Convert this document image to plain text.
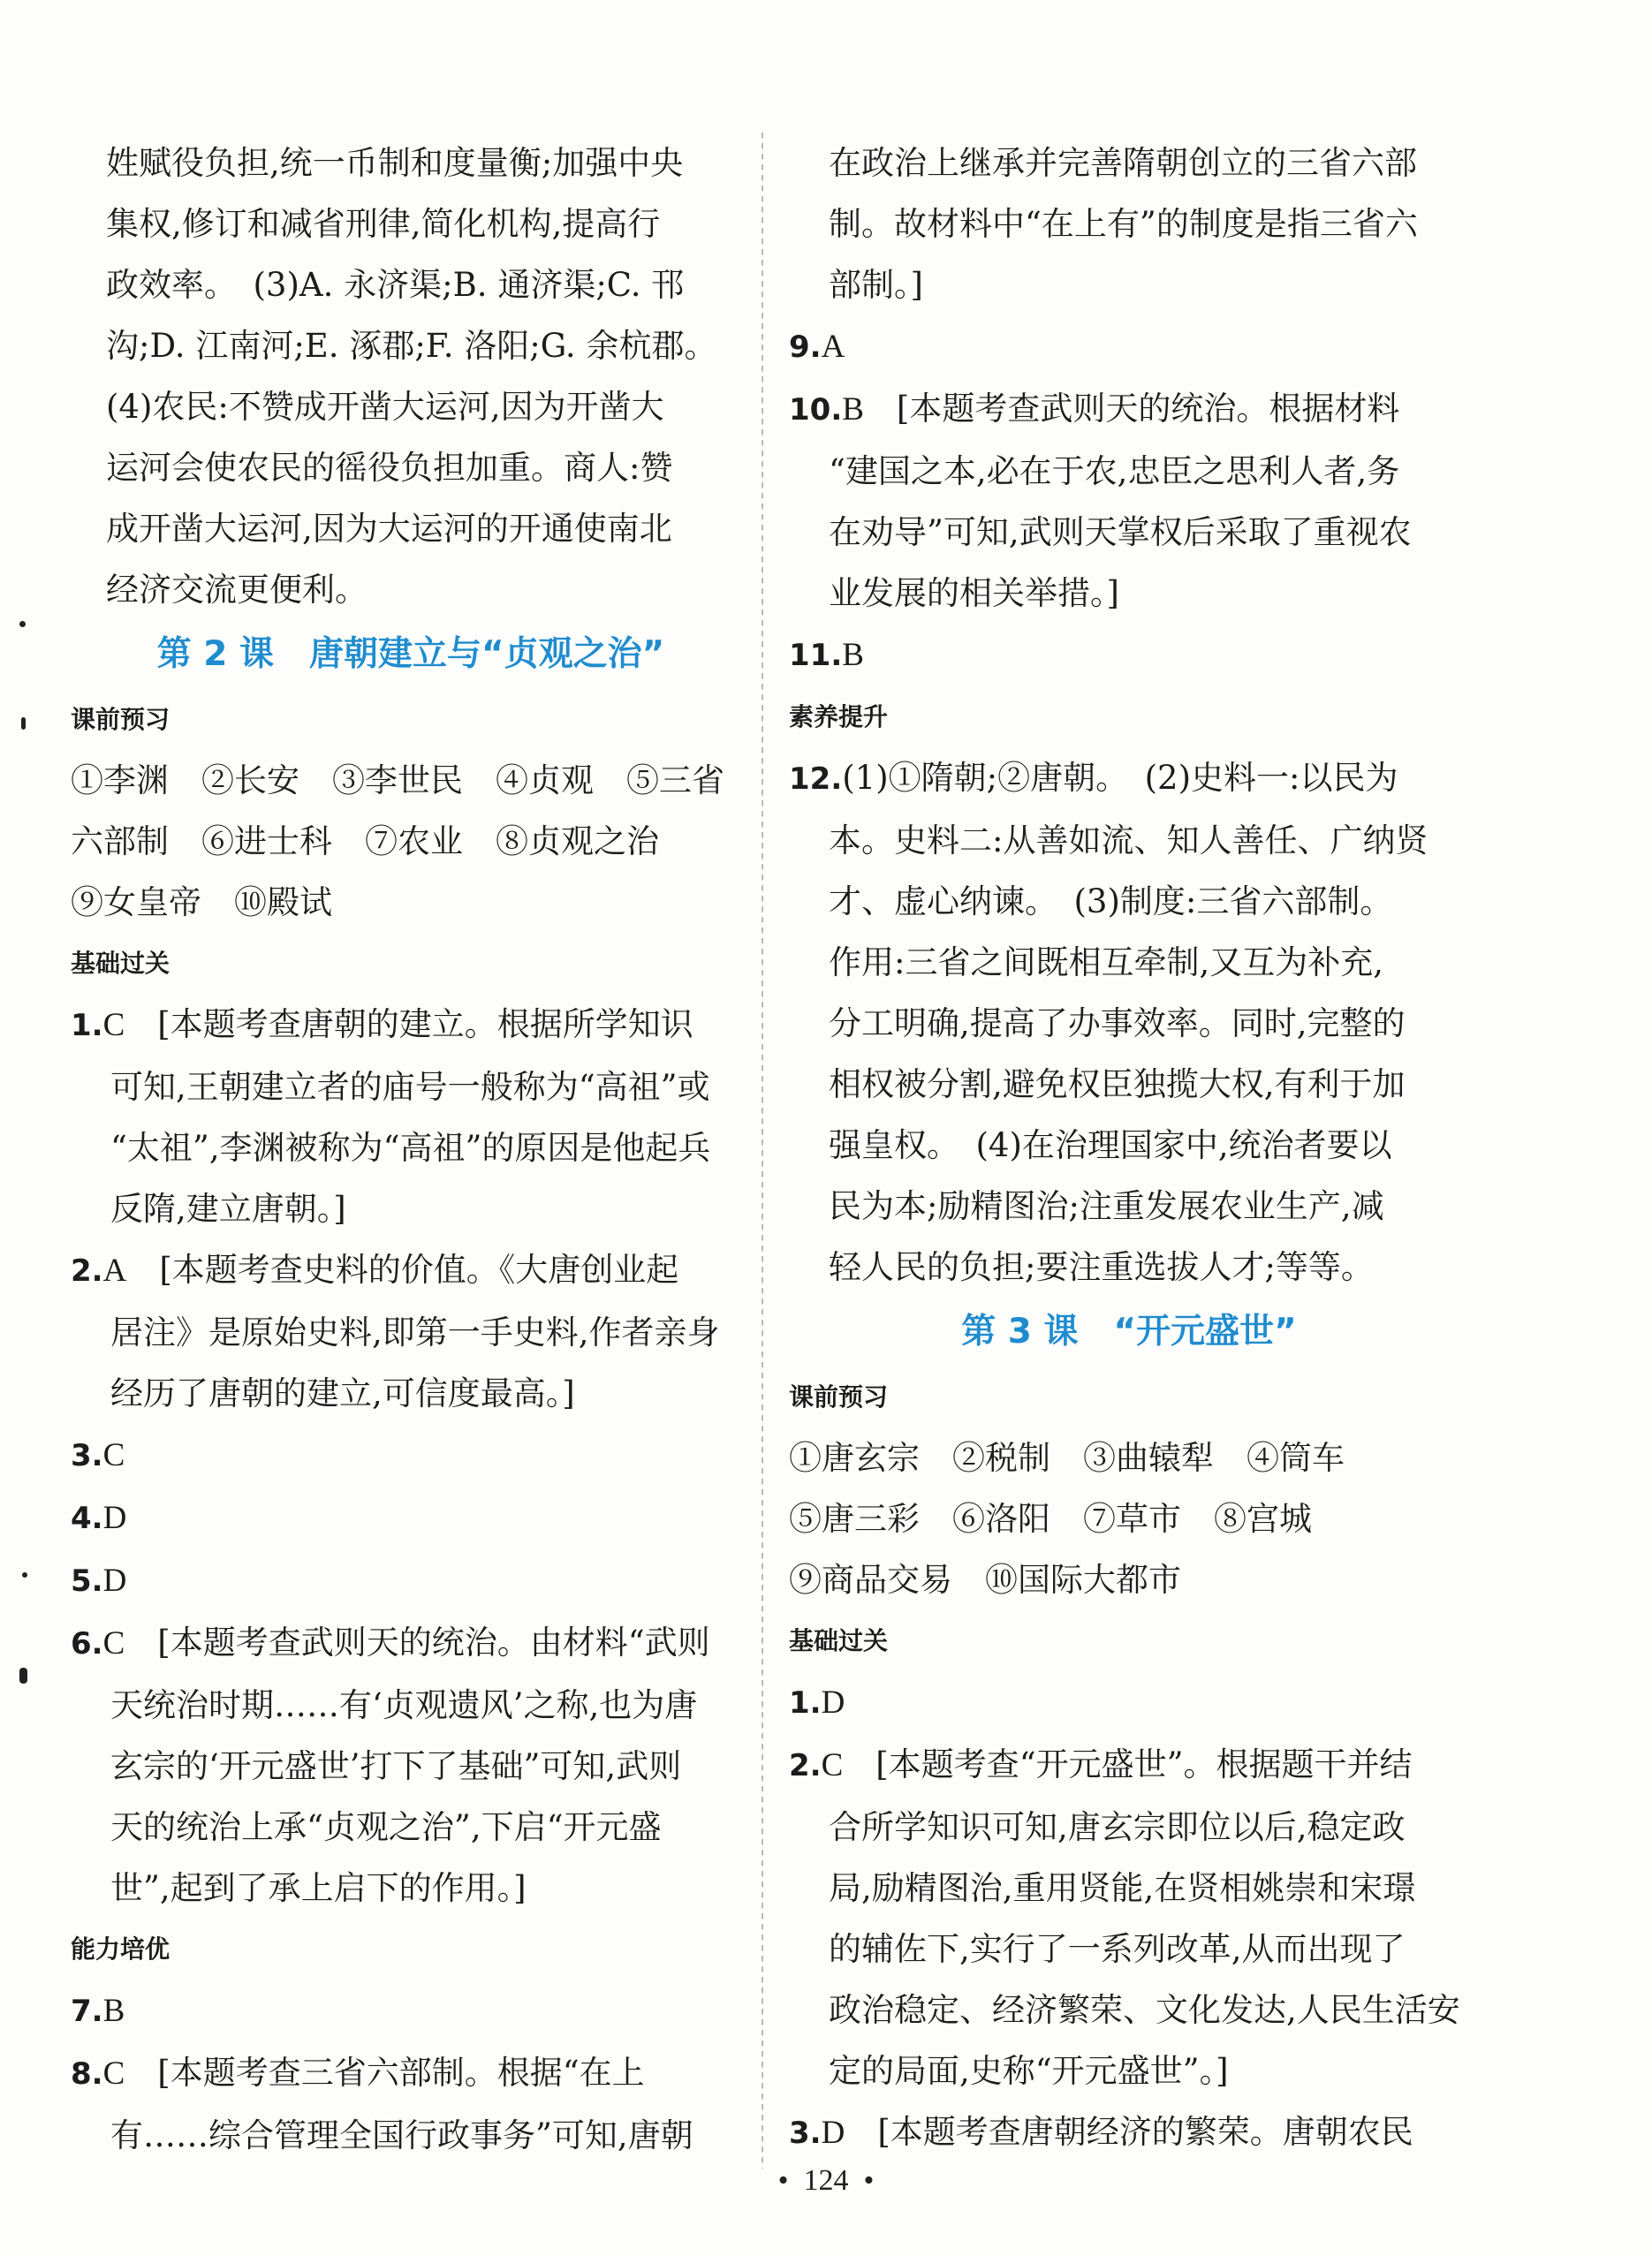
姓赋役负担,统一币制和度量衡;加强中央

集权,修订和减省刑律,简化机构,提高行

政效率。　(3)A. 永济渠;B. 通济渠;C. 邗

沟;D. 江南河;E. 涿郡;F. 洛阳;G. 余杭郡。

(4)农民:不赞成开凿大运河,因为开凿大

运河会使农民的徭役负担加重。商人:赞

成开凿大运河,因为大运河的开通使南北

经济交流更便利。

第 2 课 唐朝建立与“贞观之治”

课前预习

①李渊　②长安　③李世民　④贞观　⑤三省

六部制　⑥进士科　⑦农业　⑧贞观之治

⑨女皇帝　⑩殿试

基础过关

1.C　 [本题考查唐朝的建立。根据所学知识

可知,王朝建立者的庙号一般称为“高祖”或

“太祖”,李渊被称为“高祖”的原因是他起兵

反隋,建立唐朝。]

2.A　 [本题考查史料的价值。《大唐创业起

居注》是原始史料,即第一手史料,作者亲身

经历了唐朝的建立,可信度最高。]

3.C

4.D

5.D

6.C　 [本题考查武则天的统治。由材料“武则

天统治时期……有‘贞观遗风’之称,也为唐

玄宗的‘开元盛世’打下了基础”可知,武则

天的统治上承“贞观之治”,下启“开元盛

世”,起到了承上启下的作用。]

能力培优

7.B

8.C　 [本题考查三省六部制。根据“在上

有……综合管理全国行政事务”可知,唐朝

在政治上继承并完善隋朝创立的三省六部

制。故材料中“在上有”的制度是指三省六

部制。]

9.A

10.B　 [本题考查武则天的统治。根据材料

“建国之本,必在于农,忠臣之思利人者,务

在劝导”可知,武则天掌权后采取了重视农

业发展的相关举措。]

11.B

素养提升

12.(1)①隋朝;②唐朝。　(2)史料一:以民为

本。史料二:从善如流、知人善任、广纳贤

才、虚心纳谏。　(3)制度:三省六部制。

作用:三省之间既相互牵制,又互为补充,

分工明确,提高了办事效率。同时,完整的

相权被分割,避免权臣独揽大权,有利于加

强皇权。　(4)在治理国家中,统治者要以

民为本;励精图治;注重发展农业生产,减

轻人民的负担;要注重选拔人才;等等。

第 3 课 “开元盛世”

课前预习

①唐玄宗　②税制　③曲辕犁　④筒车

⑤唐三彩　⑥洛阳　⑦草市　⑧宫城

⑨商品交易　⑩国际大都市

基础过关

1.D

2.C　 [本题考查“开元盛世”。根据题干并结

合所学知识可知,唐玄宗即位以后,稳定政

局,励精图治,重用贤能,在贤相姚崇和宋璟

的辅佐下,实行了一系列改革,从而出现了

政治稳定、经济繁荣、文化发达,人民生活安

定的局面,史称“开元盛世”。]

3.D　 [本题考查唐朝经济的繁荣。唐朝农民

•  124  •
